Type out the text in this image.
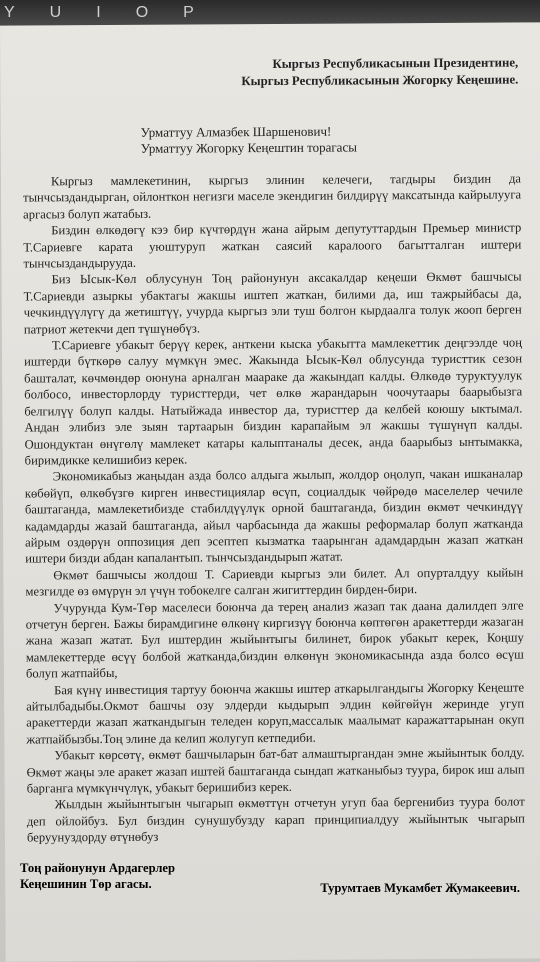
Y U I O P
Кыргыз Республикасынын Президентине,
Кыргыз Республикасынын Жогорку Кеңешине.
Урматтуу Алмазбек Шаршенович!
Урматтуу Жогорку Кеңештин торагасы

Кыргыз мамлекетинин, кыргыз элинин келечеги, тагдыры биздин да тынчсыздандырган, ойлонткон негизги маселе экендигин билдирүү максатында кайрылууга аргасыз болуп жатабыз.

Биздин өлкөдөгү кээ бир күчтөрдүн жана айрым депутуттардын Премьер министр Т.Сариевге карата уюштуруп жаткан саясий каралоого багытталган иштери тынчсыздандырууда.

Биз Ысык-Көл облусунун Тоң районунун аксакалдар кеңеши Өкмөт башчысы Т.Сариевди азыркы убактагы жакшы иштеп жаткан, билими да, иш тажрыйбасы да, чечкиндүүлүгү да жетиштүү, учурда кыргыз эли туш болгон кырдаалга толук жооп берген патриот жетекчи деп түшүнөбүз.

Т.Сариевге убакыт берүү керек, анткени кыска убакытта мамлекеттик деңгээлде чоң иштерди бүткөрө салуу мүмкүн эмес. Жакында Ысык-Көл облусунда туристтик сезон башталат, көчмөндөр оюнуна арналган маараке да жакындап калды. Өлкөдө туруктуулук болбосо, инвесторлорду туристтерди, чет өлкө жарандарын чоочутаары баарыбызга белгилүү болуп калды. Натыйжада инвестор да, туристтер да келбей коюшу ыктымал. Андан элибиз эле зыян тартаарын биздин карапайым эл жакшы түшүнүп калды. Ошондуктан өнүгөлү мамлекет катары калыптаналы десек, анда баарыбыз ынтымакка, биримдикке келишибиз керек.

Экономикабыз жаңыдан азда болсо алдыга жылып, жолдор оңолуп, чакан ишканалар көбөйүп, өлкөбүзгө кирген инвестициялар өсүп, социалдык чөйрөдө маселелер чечиле баштаганда, мамлекетибизде стабилдүүлүк орной баштаганда, биздин өкмөт чечкиндүү кадамдарды жазай баштаганда, айыл чарбасында да жакшы реформалар болуп жатканда айрым оздөрүн оппозиция деп эсептеп кызматка таарынган адамдардын жазап жаткан иштери бизди абдан капалантып. тынчсыздандырып жатат.

Өкмөт башчысы жолдош Т. Сариевди кыргыз эли билет. Ал опурталдуу кыйын мезгилде өз өмүрүн эл үчүн тобокелге салган жигиттердин бирден-бири.

Учурунда Кум-Төр маселеси боюнча да терең анализ жазап так даана далилдеп элге отчетун берген. Бажы бирамдигине өлкөнү киргизүү боюнча көптөгөн аракеттерди жазаган жана жазап жатат. Бул иштердин жыйынтыгы билинет, бирок убакыт керек, Коңшу мамлекеттерде өсүү болбой жаткандa,биздин өлкөнүн экономикасында азда болсо өсүш болуп жатпайбы,

Бая күнү инвестиция тартуу боюнча жакшы иштер аткарылгандыгы Жогорку Кеңеште айтылбадыбы.Окмот башчы озу элдерди кыдырып элдин көйгөйүн жеринде угуп аракеттерди жазап жаткандыгын теледен коруп,массалык маалымат каражаттарынан окуп жатпайбызбы.Тоң элине да келип жолугуп кетпедиби.

Убакыт көрсөтү, өкмөт башчыларын бат-бат алмаштыргандан эмне жыйынтык болду. Өкмөт жаңы эле аракет жазап иштей баштаганда сындап жатканыбыз туура, бирок иш алып барганга мүмкүнчүлүк, убакыт беришибиз керек.

Жылдын жыйынтыгын чыгарып өкмөттүн отчетун угуп баа бергенибиз туура болот деп ойлойбуз. Бул биздин сунушубузду карап принципиалдуу жыйынтык чыгарып беруунуздорду өтүнөбуз

Тоң районунун Ардагерлер
Кеңешинин Төр агасы.	Турумтаев Мукамбет Жумакеевич.
